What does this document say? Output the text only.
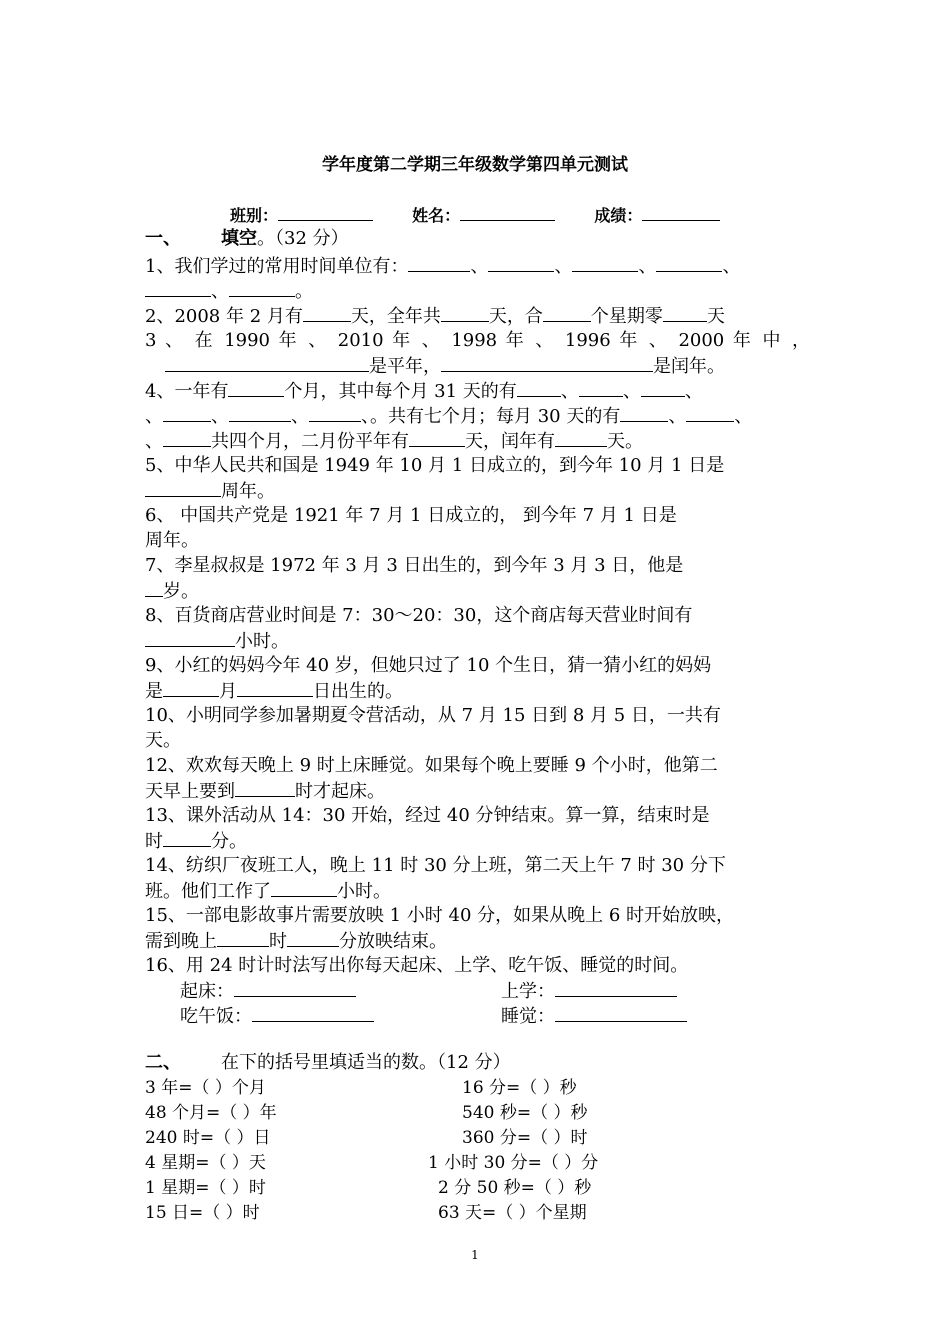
学年度第二学期三年级数学第四单元测试
班别：	姓名：	成绩：
一、 填空。（32 分）
1、我们学过的常用时间单位有：	、	、	、	、
、	。
2、2008 年 2 月有	天，全年共	天，合	个星期零 天
3 、 在 1990 年 、 2010 年 、 1998 年 、 1996 年 、 2000 年 中 ，
是平年，	是闰年。
4、一年有	个月，其中每个月 31 天的有 、 、 、
、	、	、	、。共有七个月；每月 30 天的有	、	、
、	共四个月，二月份平年有	天，闰年有	天。
5、中华人民共和国是 1949 年 10 月 1 日成立的，到今年 10 月 1 日是
周年。
6、 中国共产党是 1921 年 7 月 1 日成立的， 到今年 7 月 1 日是
周年。
7、李星叔叔是 1972 年 3 月 3 日出生的，到今年 3 月 3 日，他是
岁。
8、百货商店营业时间是 7：30～20：30，这个商店每天营业时间有
小时。
9、小红的妈妈今年 40 岁，但她只过了 10 个生日，猜一猜小红的妈妈
是	月	日出生的。
10、小明同学参加暑期夏令营活动，从 7 月 15 日到 8 月 5 日，一共有
天。
12、欢欢每天晚上 9 时上床睡觉。如果每个晚上要睡 9 个小时，他第二
天早上要到	时才起床。
13、课外活动从 14：30 开始，经过 40 分钟结束。算一算，结束时是
时	分。
14、纺织厂夜班工人，晚上 11 时 30 分上班，第二天上午 7 时 30 分下
班。他们工作了	小时。
15、一部电影故事片需要放映 1 小时 40 分，如果从晚上 6 时开始放映，
需到晚上	时	分放映结束。
16、用 24 时计时法写出你每天起床、上学、吃午饭、睡觉的时间。
起床：	上学：
吃午饭：	睡觉：
二、 在下的括号里填适当的数。（12 分）
3 年=（ ）个月	16 分=（ ）秒
48 个月=（ ）年	540 秒=（ ）秒
240 时=（ ）日	360 分=（ ）时
4 星期=（ ）天	1 小时 30 分=（ ）分
1 星期=（ ）时	2 分 50 秒=（ ）秒
15 日=（ ）时	63 天=（ ）个星期
1
